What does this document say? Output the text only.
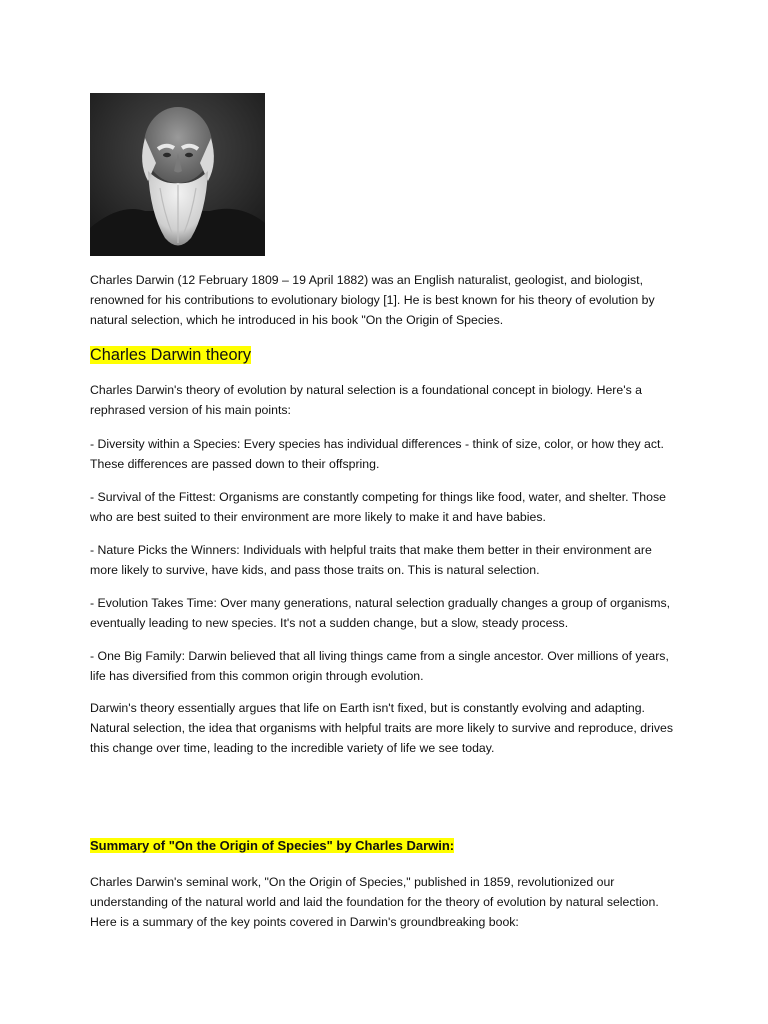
Charles Darwin (12 February 1809 – 19 April 1882) was an English naturalist, geologist, and biologist, renowned for his contributions to evolutionary biology [1]. He is best known for his theory of evolution by natural selection, which he introduced in his book "On the Origin of Species.

Charles Darwin theory

Charles Darwin's theory of evolution by natural selection is a foundational concept in biology. Here's a rephrased version of his main points:

- Diversity within a Species: Every species has individual differences - think of size, color, or how they act. These differences are passed down to their offspring.

- Survival of the Fittest: Organisms are constantly competing for things like food, water, and shelter. Those who are best suited to their environment are more likely to make it and have babies.

- Nature Picks the Winners: Individuals with helpful traits that make them better in their environment are more likely to survive, have kids, and pass those traits on. This is natural selection.

- Evolution Takes Time: Over many generations, natural selection gradually changes a group of organisms, eventually leading to new species. It's not a sudden change, but a slow, steady process.

- One Big Family: Darwin believed that all living things came from a single ancestor. Over millions of years, life has diversified from this common origin through evolution.

Darwin's theory essentially argues that life on Earth isn't fixed, but is constantly evolving and adapting. Natural selection, the idea that organisms with helpful traits are more likely to survive and reproduce, drives this change over time, leading to the incredible variety of life we see today.

Summary of "On the Origin of Species" by Charles Darwin:

Charles Darwin's seminal work, "On the Origin of Species," published in 1859, revolutionized our understanding of the natural world and laid the foundation for the theory of evolution by natural selection. Here is a summary of the key points covered in Darwin's groundbreaking book:
